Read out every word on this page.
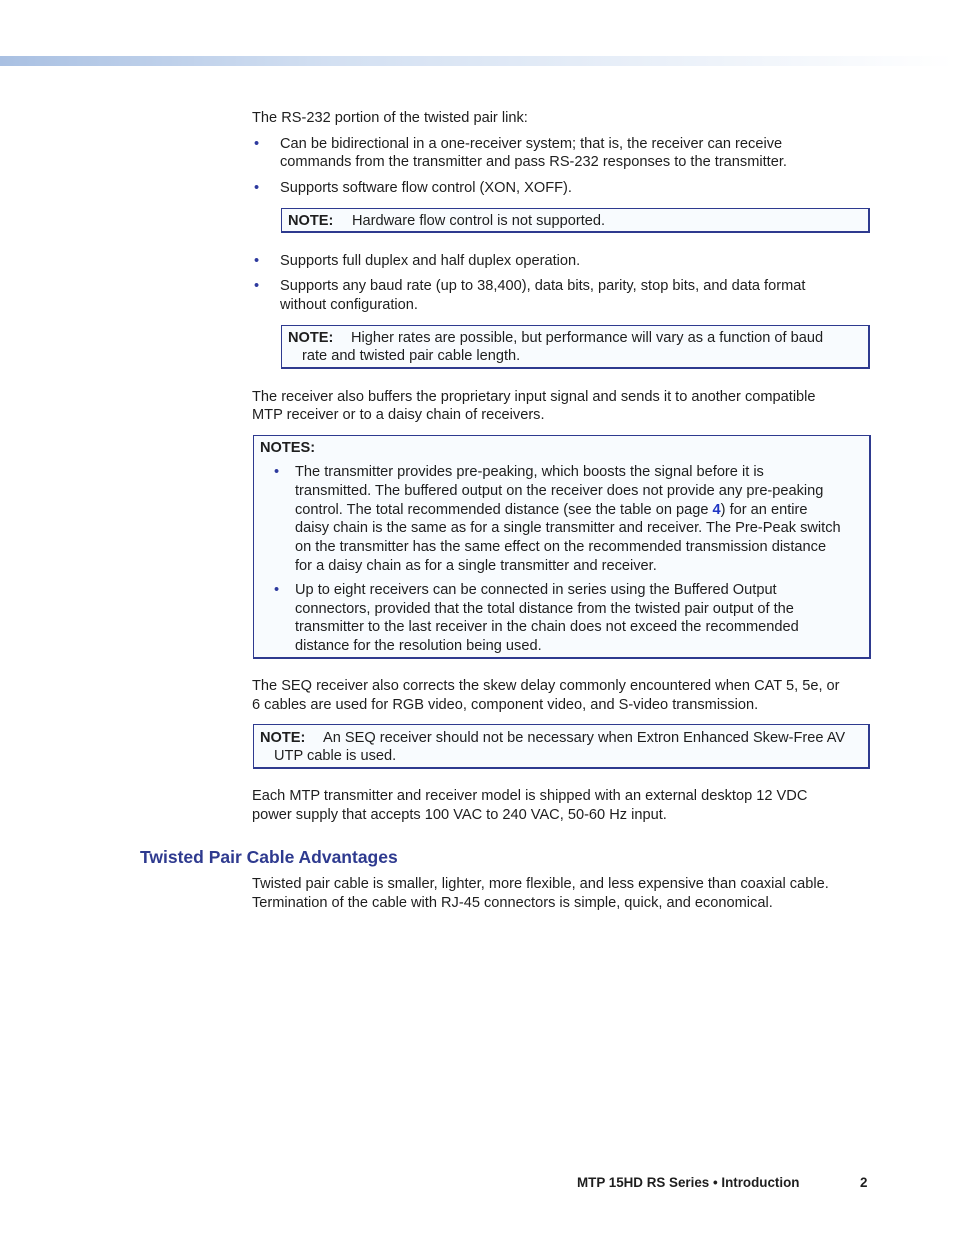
The RS-232 portion of the twisted pair link:

• Can be bidirectional in a one-receiver system; that is, the receiver can receive

commands from the transmitter and pass RS-232 responses to the transmitter.

• Supports software flow control (XON, XOFF).

NOTE: Hardware flow control is not supported.
• Supports full duplex and half duplex operation.

• Supports any baud rate (up to 38,400), data bits, parity, stop bits, and data format

without configuration.

NOTE: Higher rates are possible, but performance will vary as a function of baud
rate and twisted pair cable length.

The receiver also buffers the proprietary input signal and sends it to another compatible

MTP receiver or to a daisy chain of receivers.

NOTES:
• The transmitter provides pre-peaking, which boosts the signal before it is

transmitted. The buffered output on the receiver does not provide any pre-peaking

control. The total recommended distance (see the table on page 4) for an entire

daisy chain is the same as for a single transmitter and receiver. The Pre-Peak switch

on the transmitter has the same effect on the recommended transmission distance

for a daisy chain as for a single transmitter and receiver.

• Up to eight receivers can be connected in series using the Buffered Output

connectors, provided that the total distance from the twisted pair output of the

transmitter to the last receiver in the chain does not exceed the recommended

distance for the resolution being used.

The SEQ receiver also corrects the skew delay commonly encountered when CAT 5, 5e, or

6 cables are used for RGB video, component video, and S-video transmission.

NOTE: An SEQ receiver should not be necessary when Extron Enhanced Skew-Free AV
UTP cable is used.

Each MTP transmitter and receiver model is shipped with an external desktop 12 VDC

power supply that accepts 100 VAC to 240 VAC, 50-60 Hz input.

Twisted Pair Cable Advantages

Twisted pair cable is smaller, lighter, more flexible, and less expensive than coaxial cable.

Termination of the cable with RJ-45 connectors is simple, quick, and economical.

MTP 15HD RS Series • Introduction	2
